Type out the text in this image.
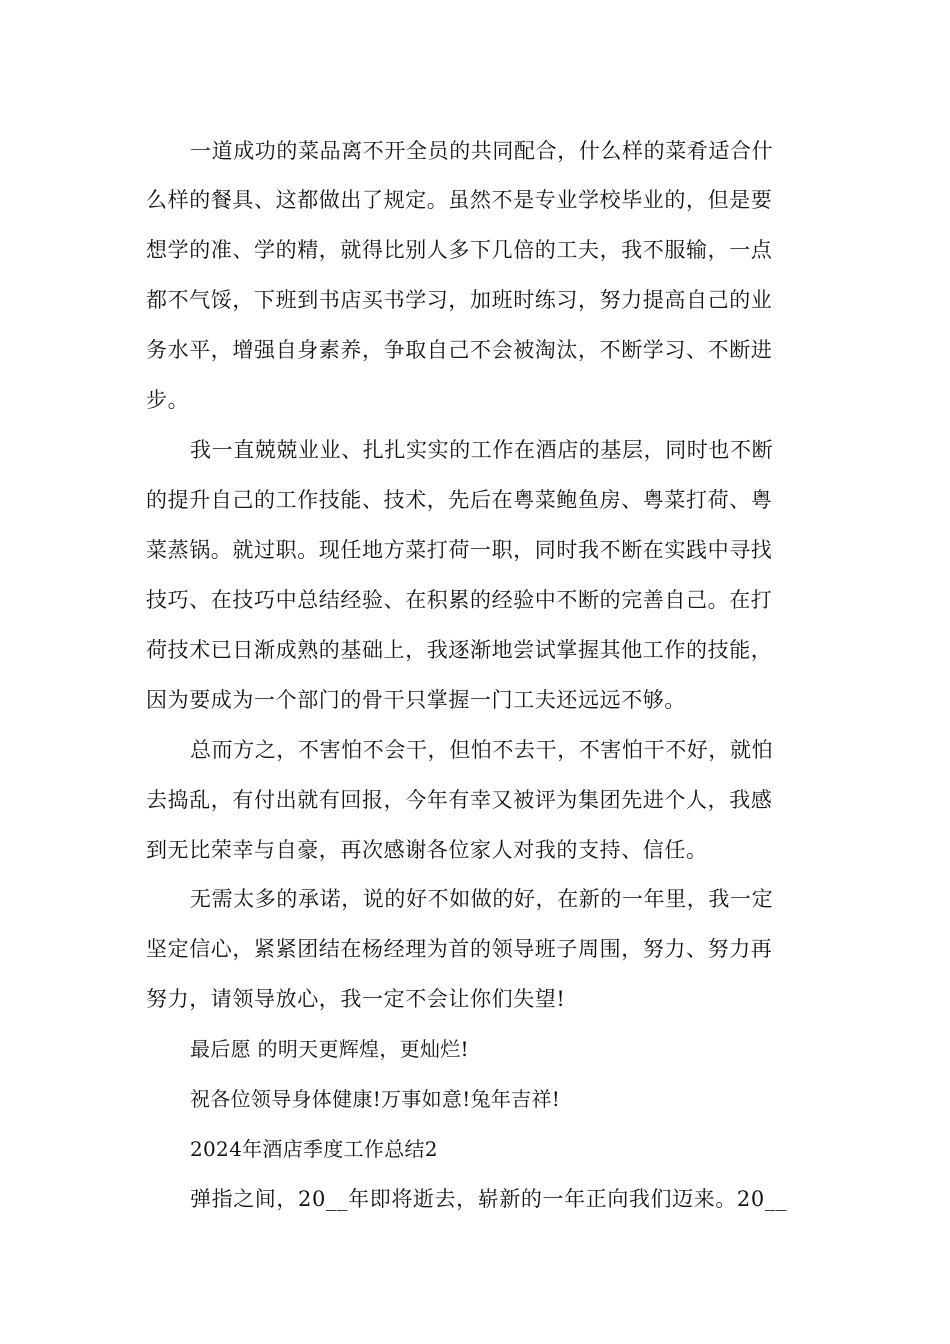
一道成功的菜品离不开全员的共同配合，什么样的菜肴适合什
么样的餐具、这都做出了规定。虽然不是专业学校毕业的，但是要
想学的准、学的精，就得比别人多下几倍的工夫，我不服输，一点
都不气馁，下班到书店买书学习，加班时练习，努力提高自己的业
务水平，增强自身素养，争取自己不会被淘汰，不断学习、不断进
步。
我一直兢兢业业、扎扎实实的工作在酒店的基层，同时也不断
的提升自己的工作技能、技术，先后在粤菜鲍鱼房、粤菜打荷、粤
菜蒸锅。就过职。现任地方菜打荷一职，同时我不断在实践中寻找
技巧、在技巧中总结经验、在积累的经验中不断的完善自己。在打
荷技术已日渐成熟的基础上，我逐渐地尝试掌握其他工作的技能，
因为要成为一个部门的骨干只掌握一门工夫还远远不够。
总而方之，不害怕不会干，但怕不去干，不害怕干不好，就怕
去捣乱，有付出就有回报，今年有幸又被评为集团先进个人，我感
到无比荣幸与自豪，再次感谢各位家人对我的支持、信任。
无需太多的承诺，说的好不如做的好，在新的一年里，我一定
坚定信心，紧紧团结在杨经理为首的领导班子周围，努力、努力再
努力，请领导放心，我一定不会让你们失望!
最后愿 的明天更辉煌，更灿烂!
祝各位领导身体健康!万事如意!兔年吉祥!
2024年酒店季度工作总结2
弹指之间，20__年即将逝去，崭新的一年正向我们迈来。20__
